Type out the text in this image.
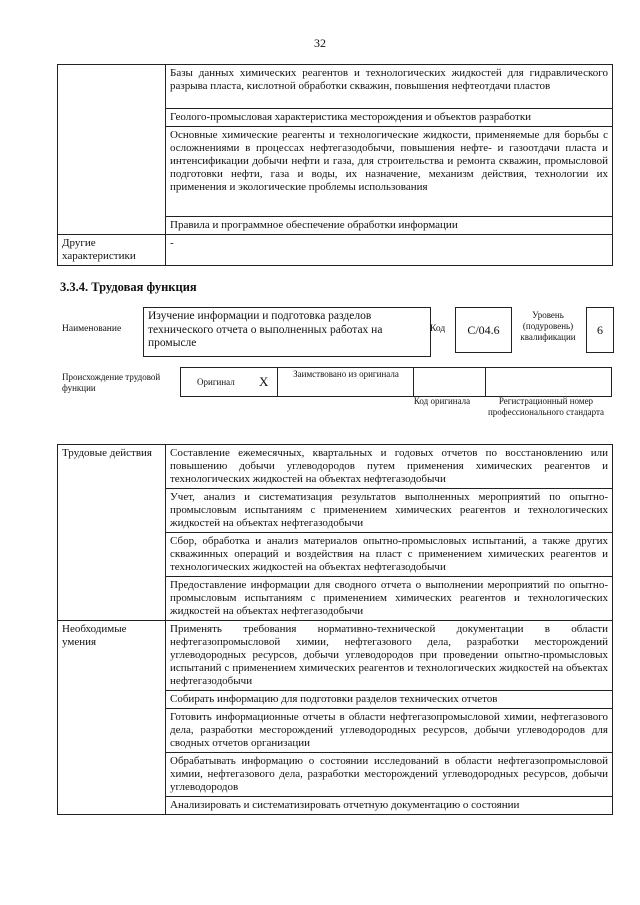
32
	Базы данных химических реагентов и технологических жидкостей для гидравлического разрыва пласта, кислотной обработки скважин, повышения нефтеотдачи пластов
	Геолого-промысловая характеристика месторождения и объектов разработки
	Основные химические реагенты и технологические жидкости, применяемые для борьбы с осложнениями в процессах нефтегазодобычи, повышения нефте- и газоотдачи пласта и интенсификации добычи нефти и газа, для строительства и ремонта скважин, промысловой подготовки нефти, газа и воды, их назначение, механизм действия, технологии их применения и экологические проблемы использования
	Правила и программное обеспечение обработки информации
Другие характеристики	-
3.3.4. Трудовая функция
Наименование
Изучение информации и подготовка разделов технического отчета о выполненных работах на промысле
Код	С/04.6
Уровень (подуровень) квалификации
6
Происхождение трудовой функции
Оригинал X	Заимствовано из оригинала
Код оригинала	Регистрационный номер профессионального стандарта
Трудовые действия	Составление ежемесячных, квартальных и годовых отчетов по восстановлению или повышению добычи углеводородов путем применения химических реагентов и технологических жидкостей на объектах нефтегазодобычи
	Учет, анализ и систематизация результатов выполненных мероприятий по опытно-промысловым испытаниям с применением химических реагентов и технологических жидкостей на объектах нефтегазодобычи
	Сбор, обработка и анализ материалов опытно-промысловых испытаний, а также других скважинных операций и воздействия на пласт с применением химических реагентов и технологических жидкостей на объектах нефтегазодобычи
	Предоставление информации для сводного отчета о выполнении мероприятий по опытно-промысловым испытаниям с применением химических реагентов и технологических жидкостей на объектах нефтегазодобычи
Необходимые умения	Применять требования нормативно-технической документации в области нефтегазопромысловой химии, нефтегазового дела, разработки месторождений углеводородных ресурсов, добычи углеводородов при проведении опытно-промысловых испытаний с применением химических реагентов и технологических жидкостей на объектах нефтегазодобычи
	Собирать информацию для подготовки разделов технических отчетов
	Готовить информационные отчеты в области нефтегазопромысловой химии, нефтегазового дела, разработки месторождений углеводородных ресурсов, добычи углеводородов для сводных отчетов организации
	Обрабатывать информацию о состоянии исследований в области нефтегазопромысловой химии, нефтегазового дела, разработки месторождений углеводородных ресурсов, добычи углеводородов
	Анализировать и систематизировать отчетную документацию о состоянии
